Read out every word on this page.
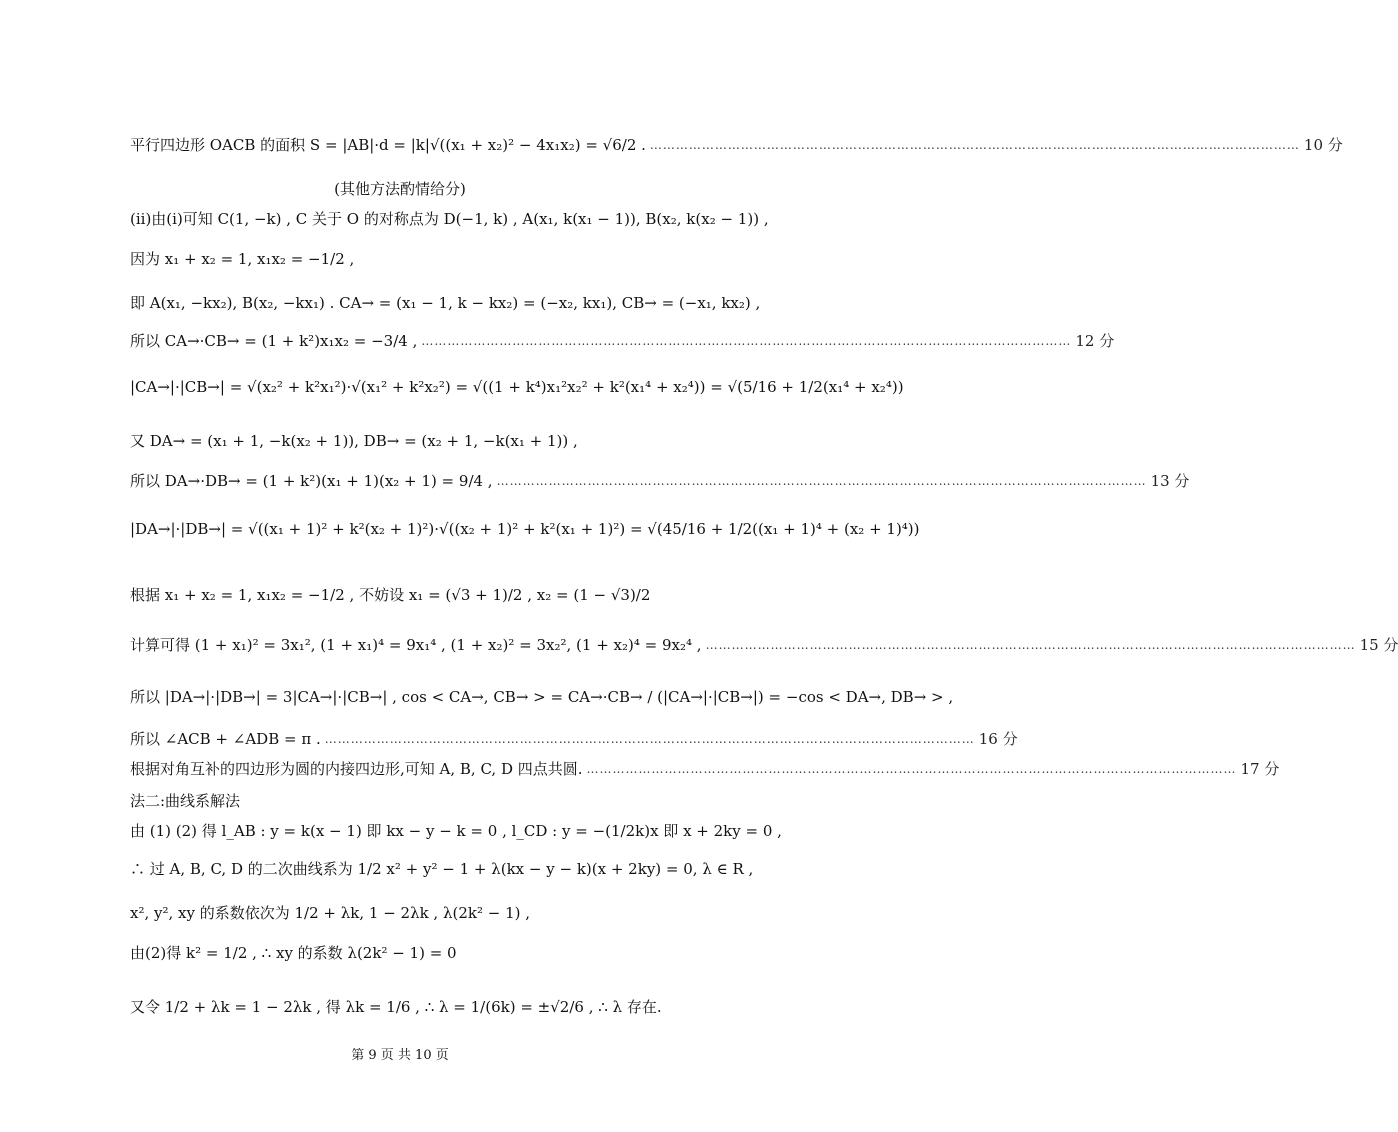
平行四边形 OACB 的面积 S = |AB|·d = |k|√((x₁ + x₂)² − 4x₁x₂) = √6/2 . …………………………………………………………………………………………………………………………………… 10 分
(其他方法酌情给分)
(ii)由(i)可知 C(1, −k) , C 关于 O 的对称点为 D(−1, k) , A(x₁, k(x₁ − 1)), B(x₂, k(x₂ − 1)) ,
因为 x₁ + x₂ = 1, x₁x₂ = −1/2 ,
即 A(x₁, −kx₂), B(x₂, −kx₁) . CA→ = (x₁ − 1, k − kx₂) = (−x₂, kx₁), CB→ = (−x₁, kx₂) ,
所以 CA→·CB→ = (1 + k²)x₁x₂ = −3/4 , …………………………………………………………………………………………………………………………………… 12 分
|CA→|·|CB→| = √(x₂² + k²x₁²)·√(x₁² + k²x₂²) = √((1 + k⁴)x₁²x₂² + k²(x₁⁴ + x₂⁴)) = √(5/16 + 1/2(x₁⁴ + x₂⁴))
又 DA→ = (x₁ + 1, −k(x₂ + 1)), DB→ = (x₂ + 1, −k(x₁ + 1)) ,
所以 DA→·DB→ = (1 + k²)(x₁ + 1)(x₂ + 1) = 9/4 , …………………………………………………………………………………………………………………………………… 13 分
|DA→|·|DB→| = √((x₁ + 1)² + k²(x₂ + 1)²)·√((x₂ + 1)² + k²(x₁ + 1)²) = √(45/16 + 1/2((x₁ + 1)⁴ + (x₂ + 1)⁴))
根据 x₁ + x₂ = 1, x₁x₂ = −1/2 , 不妨设 x₁ = (√3 + 1)/2 , x₂ = (1 − √3)/2
计算可得 (1 + x₁)² = 3x₁², (1 + x₁)⁴ = 9x₁⁴ , (1 + x₂)² = 3x₂², (1 + x₂)⁴ = 9x₂⁴ , …………………………………………………………………………………………………………………………………… 15 分
所以 |DA→|·|DB→| = 3|CA→|·|CB→| , cos < CA→, CB→ > = CA→·CB→ / (|CA→|·|CB→|) = −cos < DA→, DB→ > ,
所以 ∠ACB + ∠ADB = π . …………………………………………………………………………………………………………………………………… 16 分
根据对角互补的四边形为圆的内接四边形,可知 A, B, C, D 四点共圆. …………………………………………………………………………………………………………………………………… 17 分
法二:曲线系解法
由 (1) (2) 得 l_AB : y = k(x − 1) 即 kx − y − k = 0 , l_CD : y = −(1/2k)x 即 x + 2ky = 0 ,
∴ 过 A, B, C, D 的二次曲线系为 1/2 x² + y² − 1 + λ(kx − y − k)(x + 2ky) = 0, λ ∈ R ,
x², y², xy 的系数依次为 1/2 + λk, 1 − 2λk , λ(2k² − 1) ,
由(2)得 k² = 1/2 , ∴ xy 的系数 λ(2k² − 1) = 0
又令 1/2 + λk = 1 − 2λk , 得 λk = 1/6 , ∴ λ = 1/(6k) = ±√2/6 , ∴ λ 存在.
第 9 页 共 10 页
